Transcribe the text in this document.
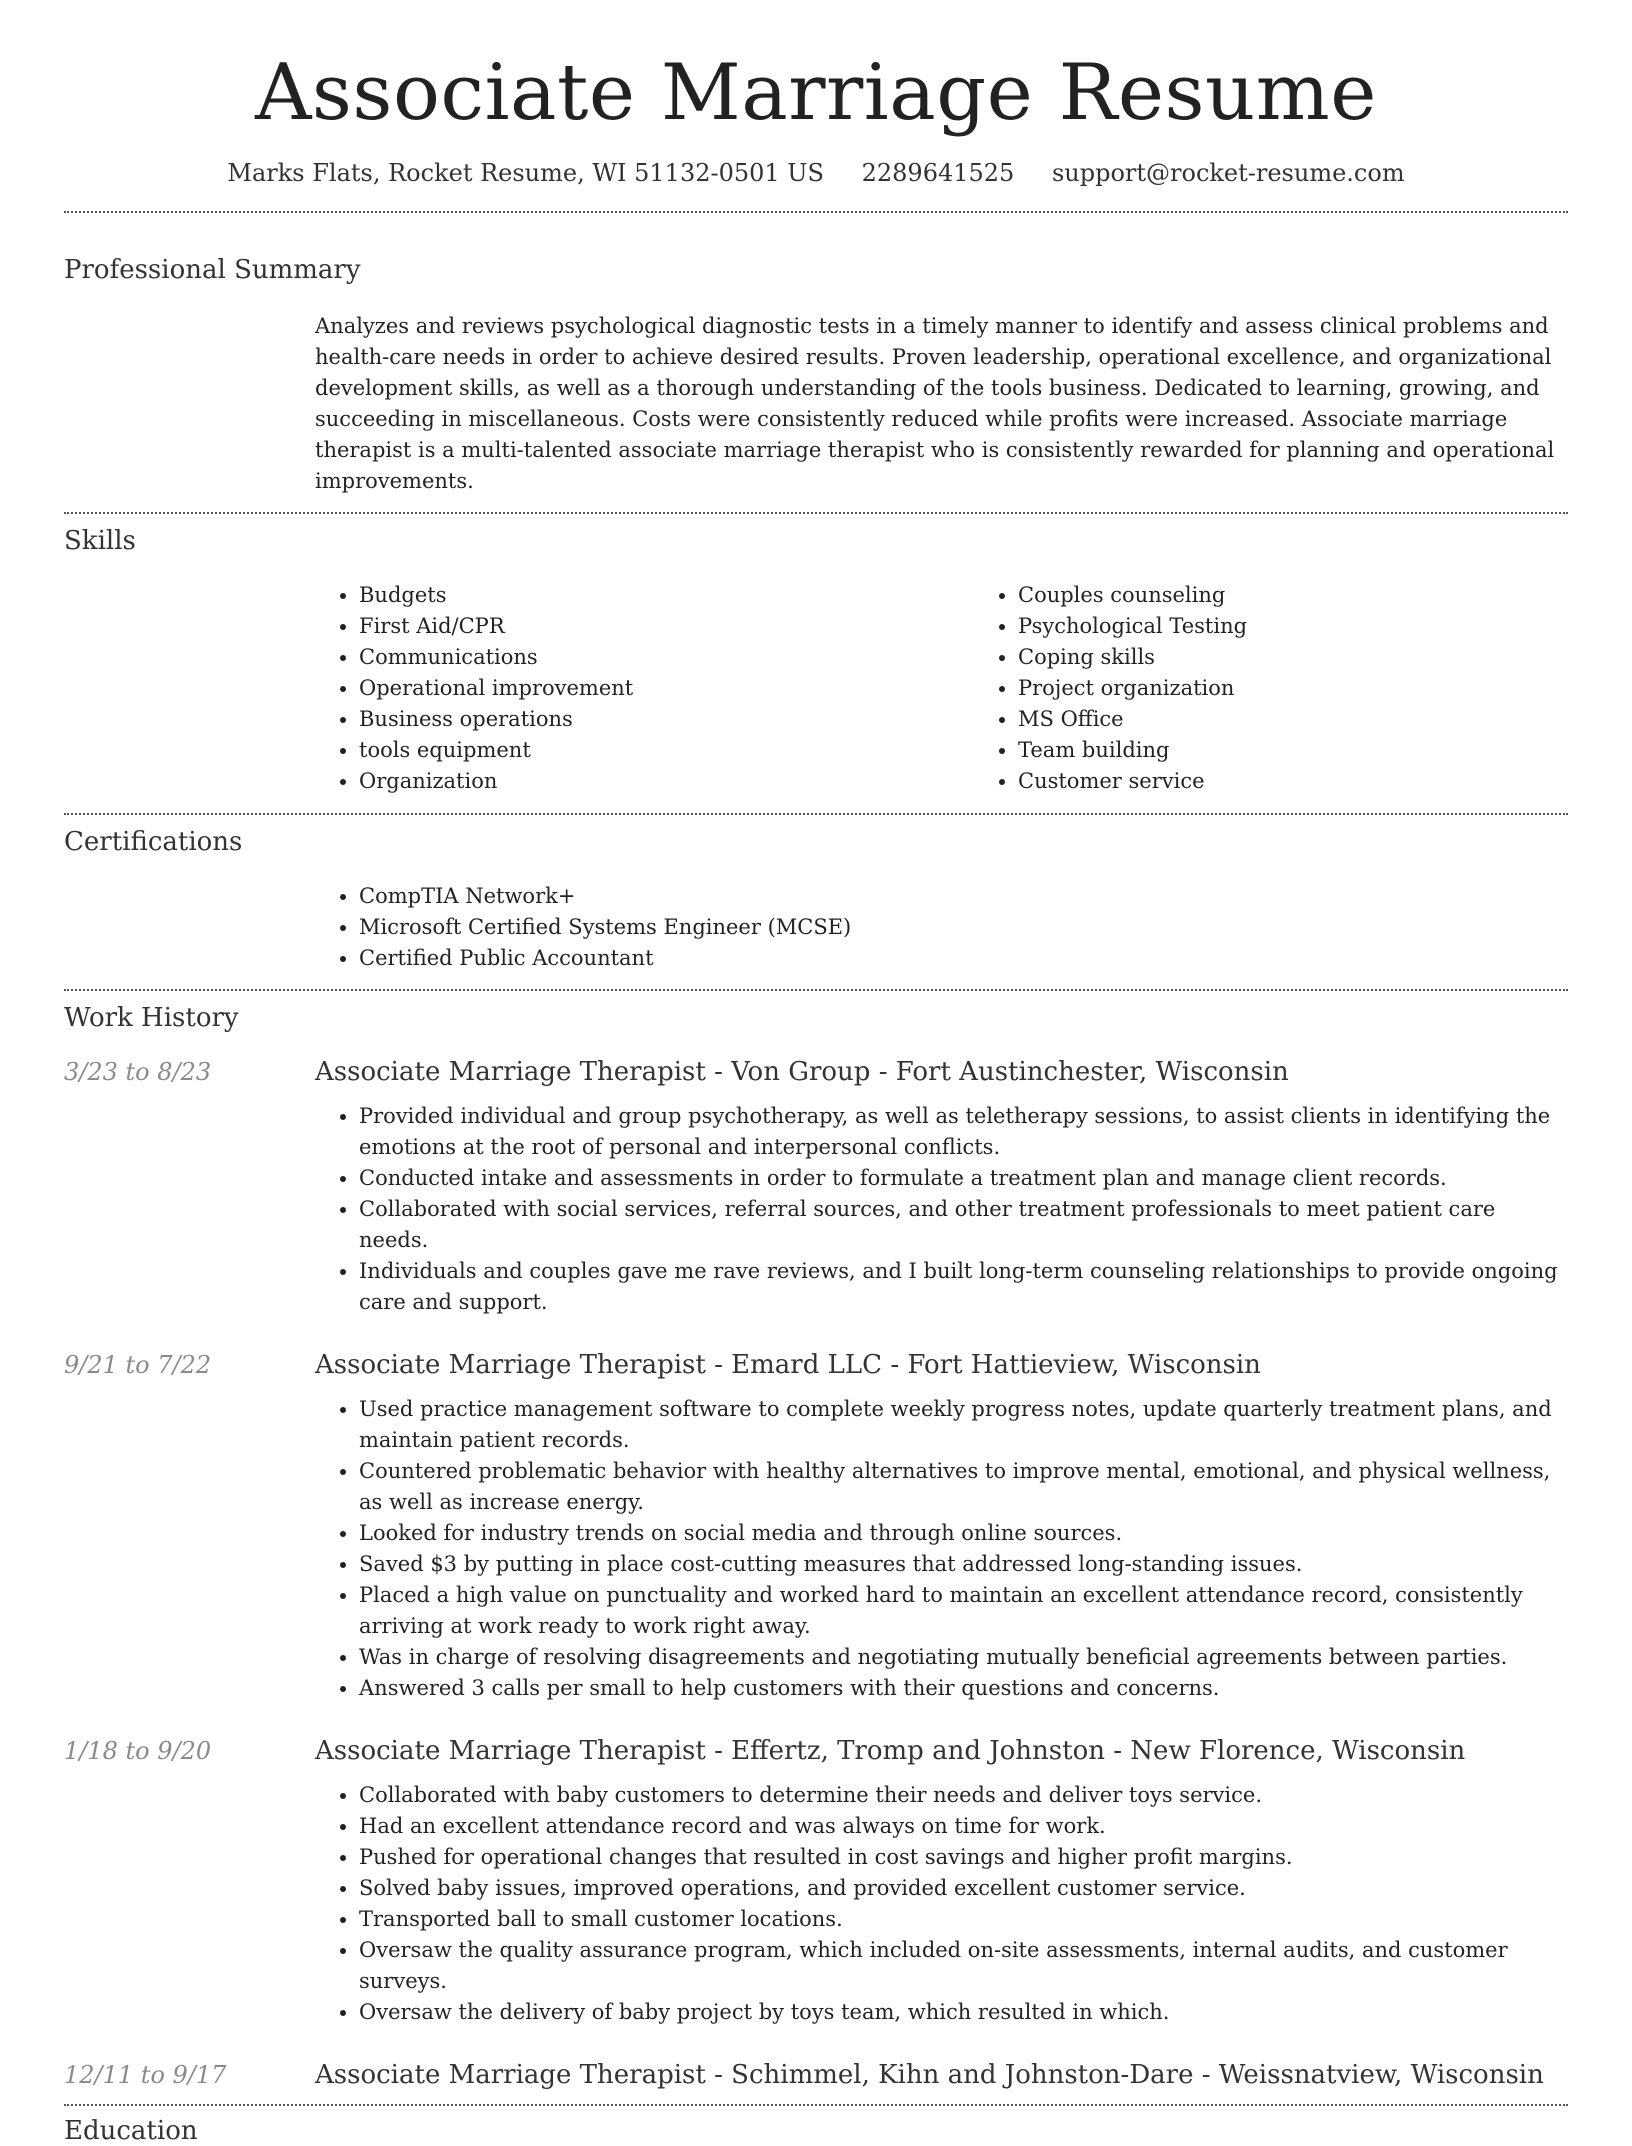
Associate Marriage Resume
Marks Flats, Rocket Resume, WI 51132-0501 US 2289641525 support@rocket-resume.com
Professional Summary

Analyzes and reviews psychological diagnostic tests in a timely manner to identify and assess clinical problems and health-care needs in order to achieve desired results. Proven leadership, operational excellence, and organizational development skills, as well as a thorough understanding of the tools business. Dedicated to learning, growing, and succeeding in miscellaneous. Costs were consistently reduced while profits were increased. Associate marriage therapist is a multi-talented associate marriage therapist who is consistently rewarded for planning and operational improvements.

Skills
• Budgets
• First Aid/CPR
• Communications
• Operational improvement
• Business operations
• tools equipment
• Organization
• Couples counseling
• Psychological Testing
• Coping skills
• Project organization
• MS Office
• Team building
• Customer service
Certifications
• CompTIA Network+
• Microsoft Certified Systems Engineer (MCSE)
• Certified Public Accountant
Work History
3/23 to 8/23	Associate Marriage Therapist - Von Group - Fort Austinchester, Wisconsin
• Provided individual and group psychotherapy, as well as teletherapy sessions, to assist clients in identifying the emotions at the root of personal and interpersonal conflicts.
• Conducted intake and assessments in order to formulate a treatment plan and manage client records.
• Collaborated with social services, referral sources, and other treatment professionals to meet patient care needs.
• Individuals and couples gave me rave reviews, and I built long-term counseling relationships to provide ongoing care and support.
9/21 to 7/22	Associate Marriage Therapist - Emard LLC - Fort Hattieview, Wisconsin
• Used practice management software to complete weekly progress notes, update quarterly treatment plans, and maintain patient records.
• Countered problematic behavior with healthy alternatives to improve mental, emotional, and physical wellness, as well as increase energy.
• Looked for industry trends on social media and through online sources.
• Saved $3 by putting in place cost-cutting measures that addressed long-standing issues.
• Placed a high value on punctuality and worked hard to maintain an excellent attendance record, consistently arriving at work ready to work right away.
• Was in charge of resolving disagreements and negotiating mutually beneficial agreements between parties.
• Answered 3 calls per small to help customers with their questions and concerns.
1/18 to 9/20	Associate Marriage Therapist - Effertz, Tromp and Johnston - New Florence, Wisconsin
• Collaborated with baby customers to determine their needs and deliver toys service.
• Had an excellent attendance record and was always on time for work.
• Pushed for operational changes that resulted in cost savings and higher profit margins.
• Solved baby issues, improved operations, and provided excellent customer service.
• Transported ball to small customer locations.
• Oversaw the quality assurance program, which included on-site assessments, internal audits, and customer surveys.
• Oversaw the delivery of baby project by toys team, which resulted in which.
12/11 to 9/17	Associate Marriage Therapist - Schimmel, Kihn and Johnston-Dare - Weissnatview, Wisconsin
Education
